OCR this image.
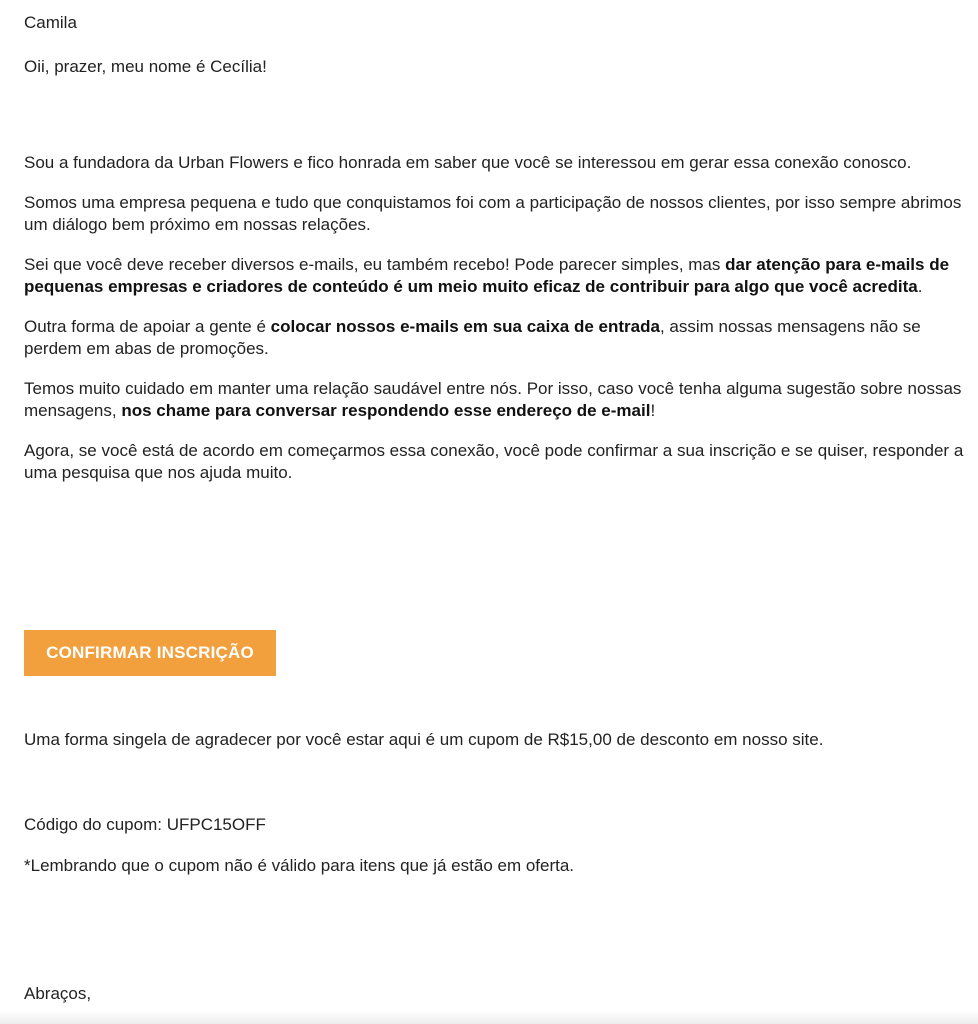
Camila

Oii, prazer, meu nome é Cecília!

Sou a fundadora da Urban Flowers e fico honrada em saber que você se interessou em gerar essa conexão conosco.

Somos uma empresa pequena e tudo que conquistamos foi com a participação de nossos clientes, por isso sempre abrimos um diálogo bem próximo em nossas relações.

Sei que você deve receber diversos e-mails, eu também recebo! Pode parecer simples, mas dar atenção para e-mails de pequenas empresas e criadores de conteúdo é um meio muito eficaz de contribuir para algo que você acredita.

Outra forma de apoiar a gente é colocar nossos e-mails em sua caixa de entrada, assim nossas mensagens não se perdem em abas de promoções.

Temos muito cuidado em manter uma relação saudável entre nós. Por isso, caso você tenha alguma sugestão sobre nossas mensagens, nos chame para conversar respondendo esse endereço de e-mail!

Agora, se você está de acordo em começarmos essa conexão, você pode confirmar a sua inscrição e se quiser, responder a uma pesquisa que nos ajuda muito.

CONFIRMAR INSCRIÇÃO

Uma forma singela de agradecer por você estar aqui é um cupom de R$15,00 de desconto em nosso site.

Código do cupom: UFPC15OFF

*Lembrando que o cupom não é válido para itens que já estão em oferta.

Abraços,
